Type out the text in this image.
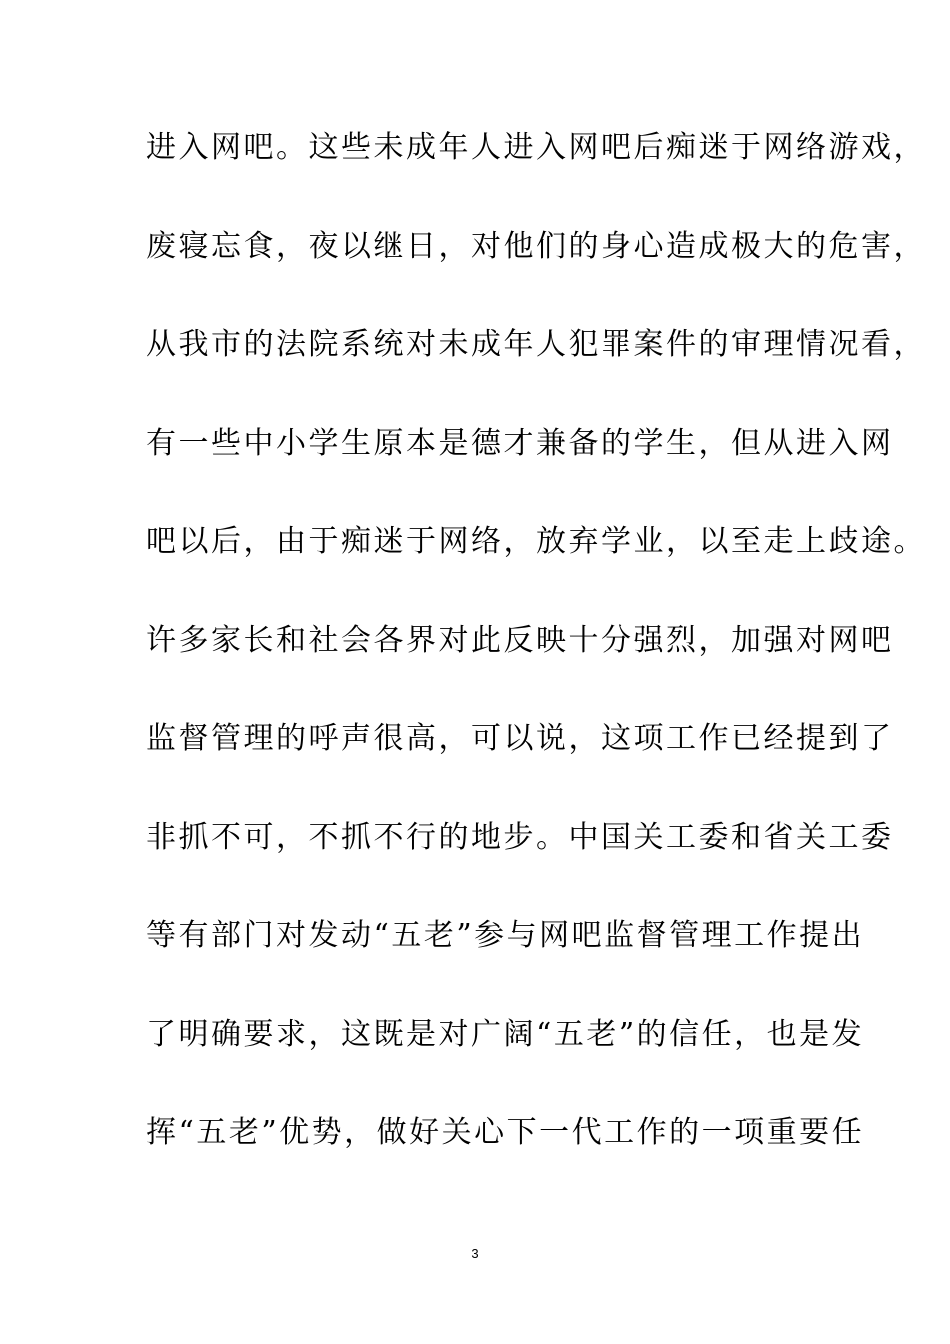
进入网吧。这些未成年人进入网吧后痴迷于网络游戏，
废寝忘食，夜以继日，对他们的身心造成极大的危害，
从我市的法院系统对未成年人犯罪案件的审理情况看，
有一些中小学生原本是德才兼备的学生，但从进入网
吧以后，由于痴迷于网络，放弃学业，以至走上歧途。
许多家长和社会各界对此反映十分强烈，加强对网吧
监督管理的呼声很高，可以说，这项工作已经提到了
非抓不可，不抓不行的地步。中国关工委和省关工委
等有部门对发动“五老”参与网吧监督管理工作提出
了明确要求，这既是对广阔“五老”的信任，也是发
挥“五老”优势，做好关心下一代工作的一项重要任
3
